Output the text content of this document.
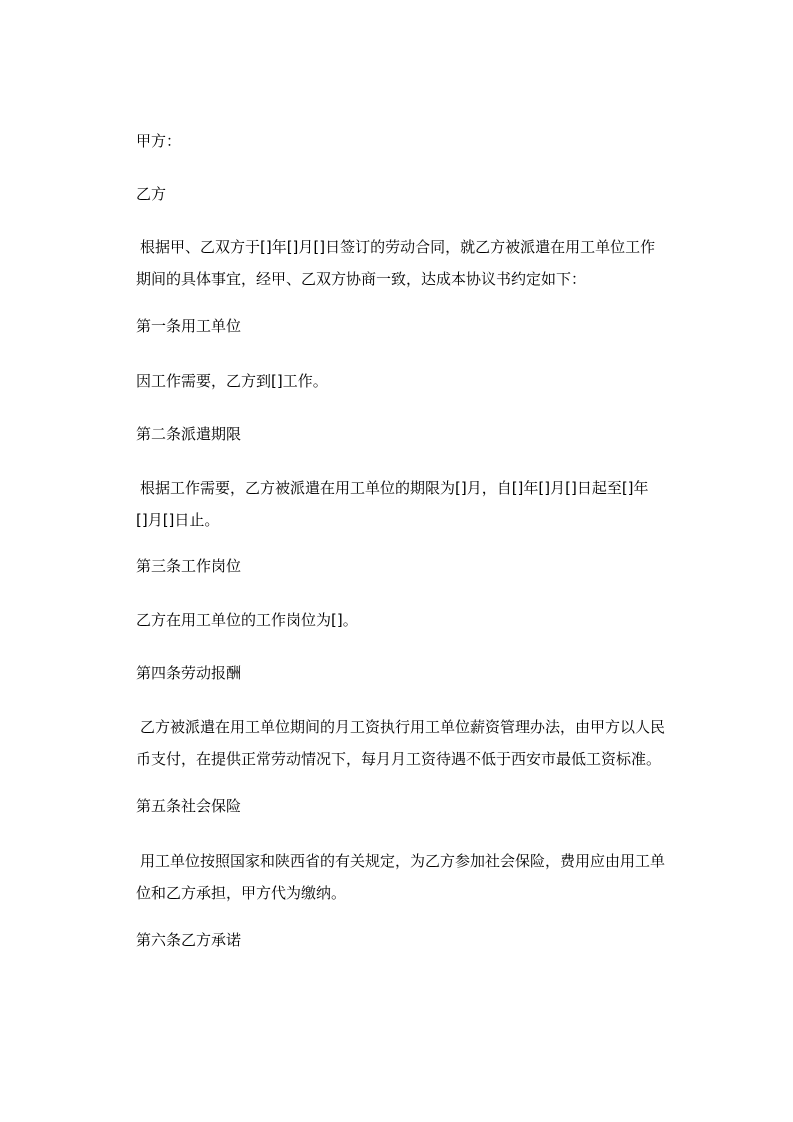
甲方：
乙方
根据甲、乙双方于[]年[]月[]日签订的劳动合同，就乙方被派遣在用工单位工作
期间的具体事宜，经甲、乙双方协商一致，达成本协议书约定如下：
第一条用工单位
因工作需要，乙方到[]工作。
第二条派遣期限
根据工作需要，乙方被派遣在用工单位的期限为[]月，自[]年[]月[]日起至[]年
[]月[]日止。
第三条工作岗位
乙方在用工单位的工作岗位为[]。
第四条劳动报酬
乙方被派遣在用工单位期间的月工资执行用工单位薪资管理办法，由甲方以人民
币支付，在提供正常劳动情况下，每月月工资待遇不低于西安市最低工资标准。
第五条社会保险
用工单位按照国家和陕西省的有关规定，为乙方参加社会保险，费用应由用工单
位和乙方承担，甲方代为缴纳。
第六条乙方承诺
